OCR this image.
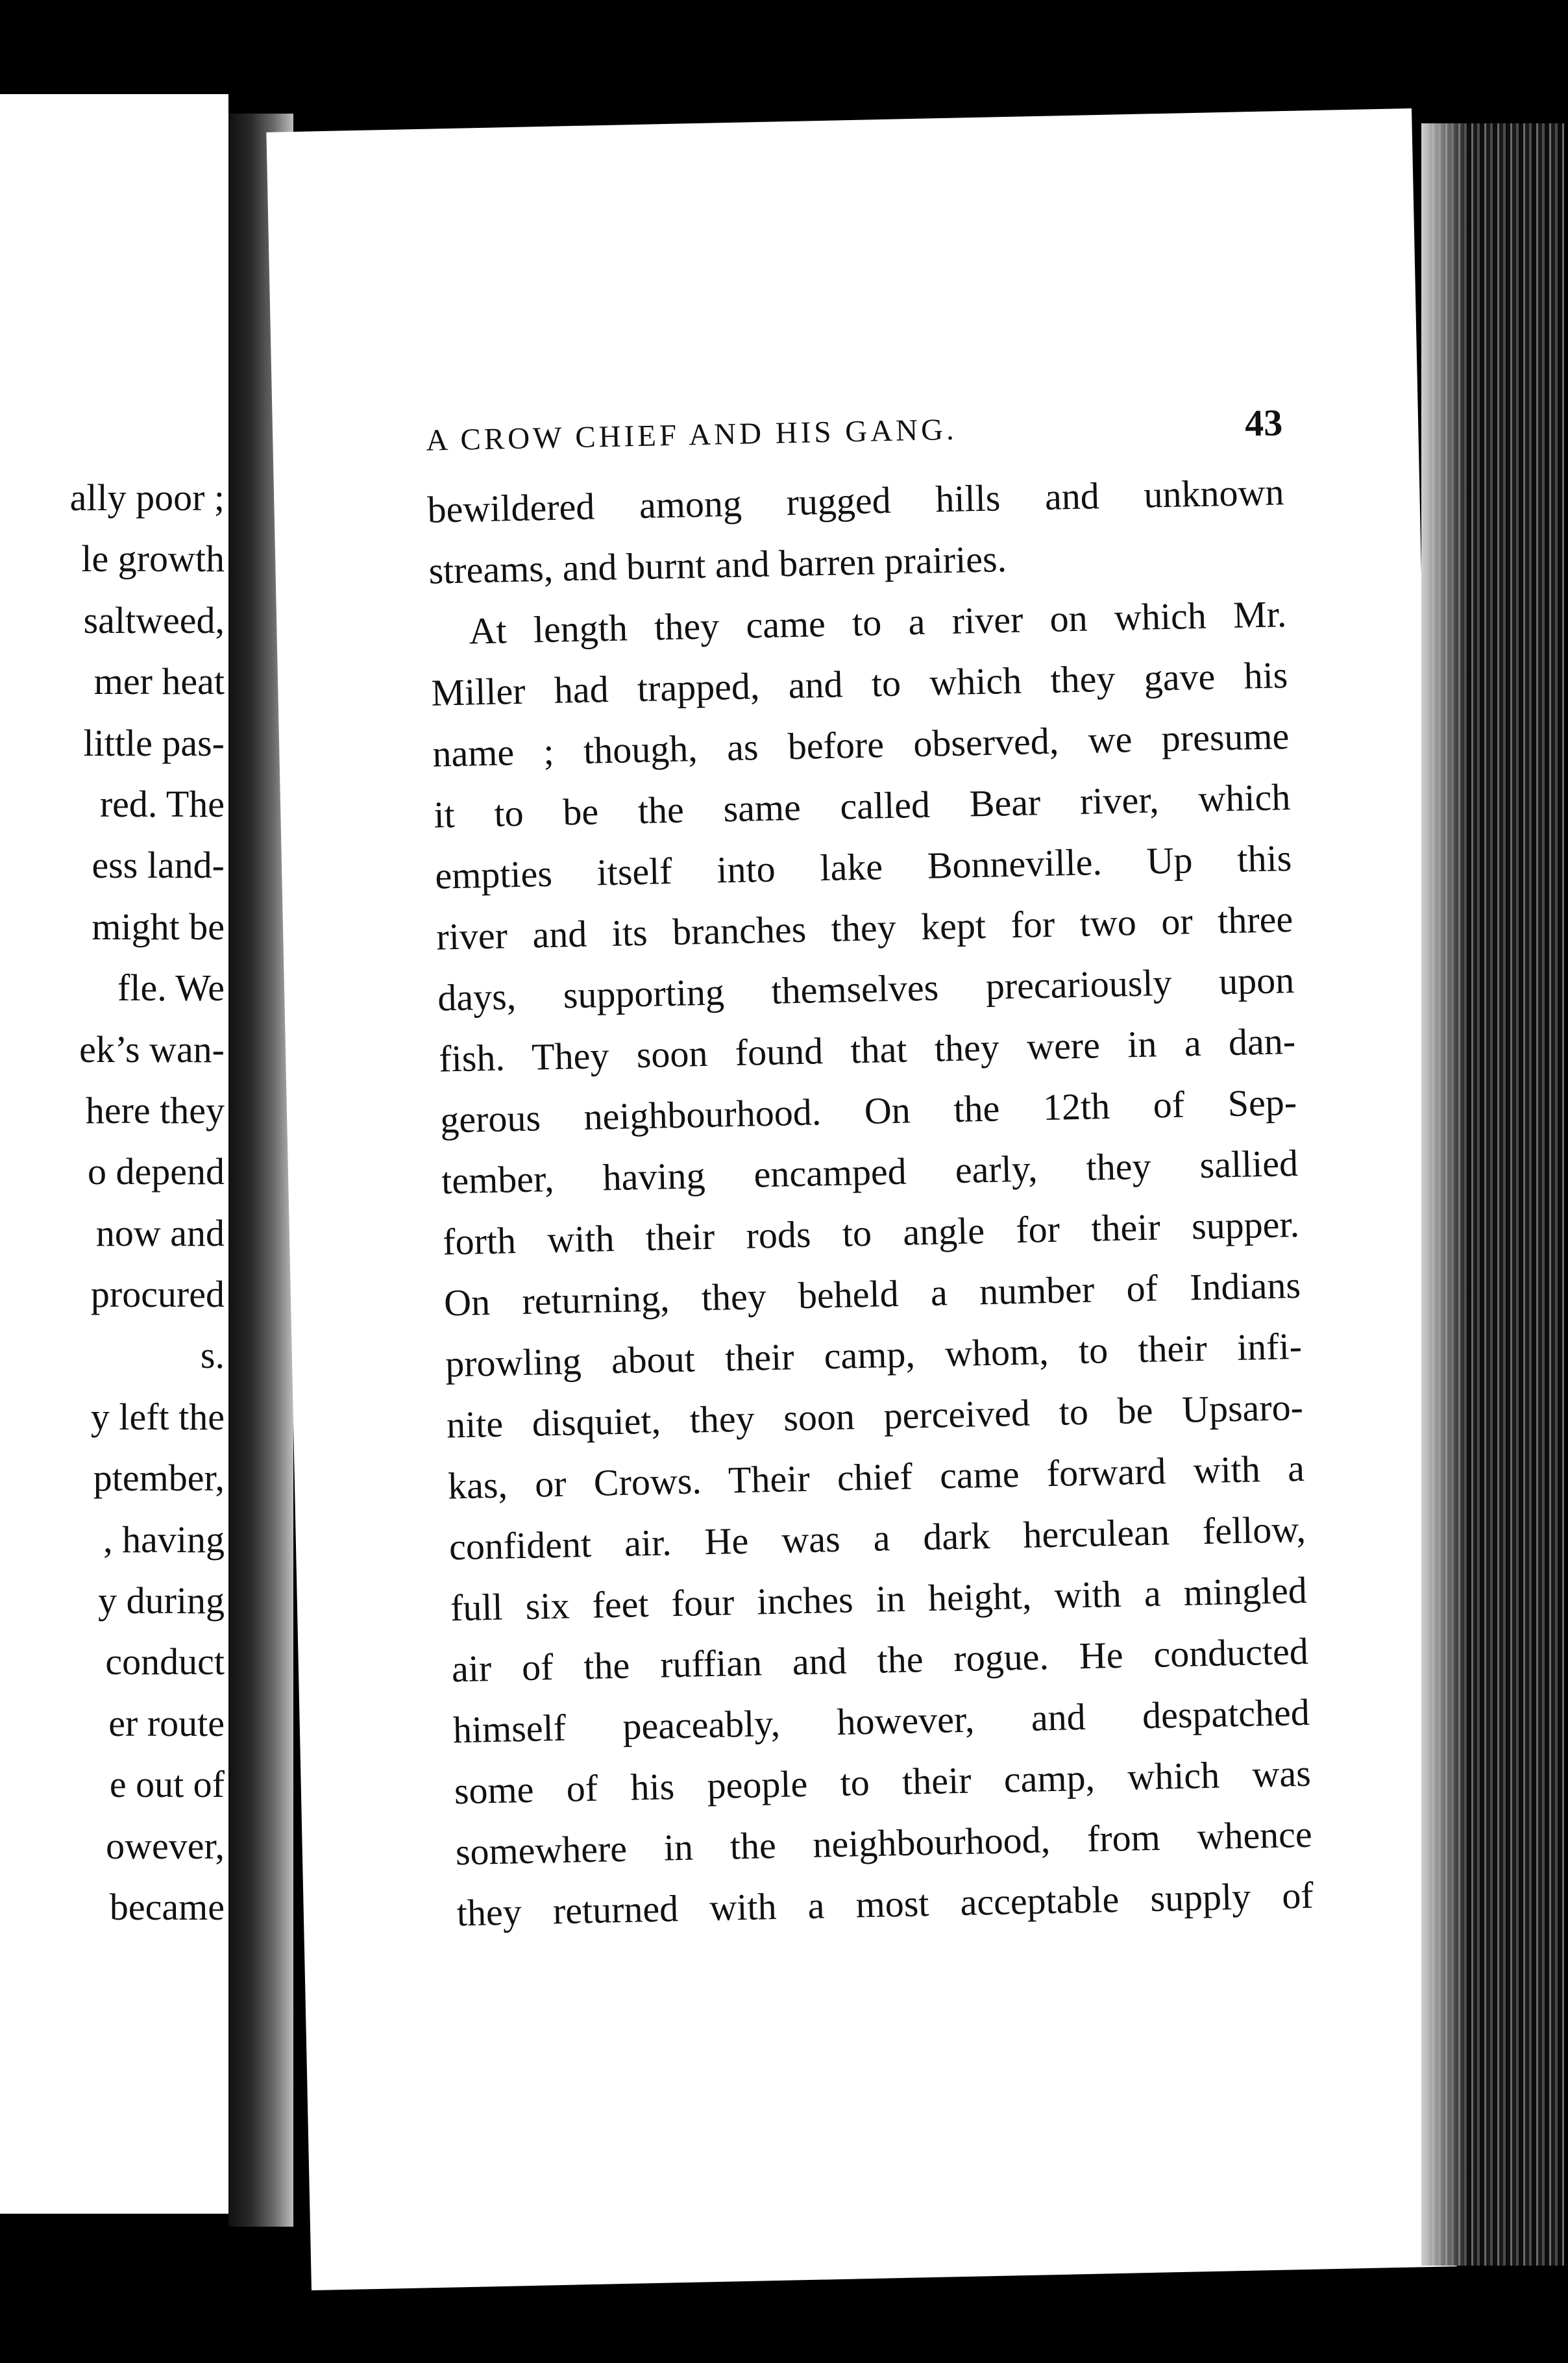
ally poor ;
le growth
saltweed,
mer heat
little pas-
red. The
ess land-
might be
fle. We
ek’s wan-
here they
o depend
now and
procured
s.
y left the
ptember,
, having
y during
conduct
er route
e out of
owever,
became
A CROW CHIEF AND HIS GANG.	43
bewildered among rugged hills and unknown
streams, and burnt and barren prairies.
At length they came to a river on which Mr.
Miller had trapped, and to which they gave his
name ; though, as before observed, we presume
it to be the same called Bear river, which
empties itself into lake Bonneville. Up this
river and its branches they kept for two or three
days, supporting themselves precariously upon
fish. They soon found that they were in a dan-
gerous neighbourhood. On the 12th of Sep-
tember, having encamped early, they sallied
forth with their rods to angle for their supper.
On returning, they beheld a number of Indians
prowling about their camp, whom, to their infi-
nite disquiet, they soon perceived to be Upsaro-
kas, or Crows. Their chief came forward with a
confident air. He was a dark herculean fellow,
full six feet four inches in height, with a mingled
air of the ruffian and the rogue. He conducted
himself peaceably, however, and despatched
some of his people to their camp, which was
somewhere in the neighbourhood, from whence
they returned with a most acceptable supply of
